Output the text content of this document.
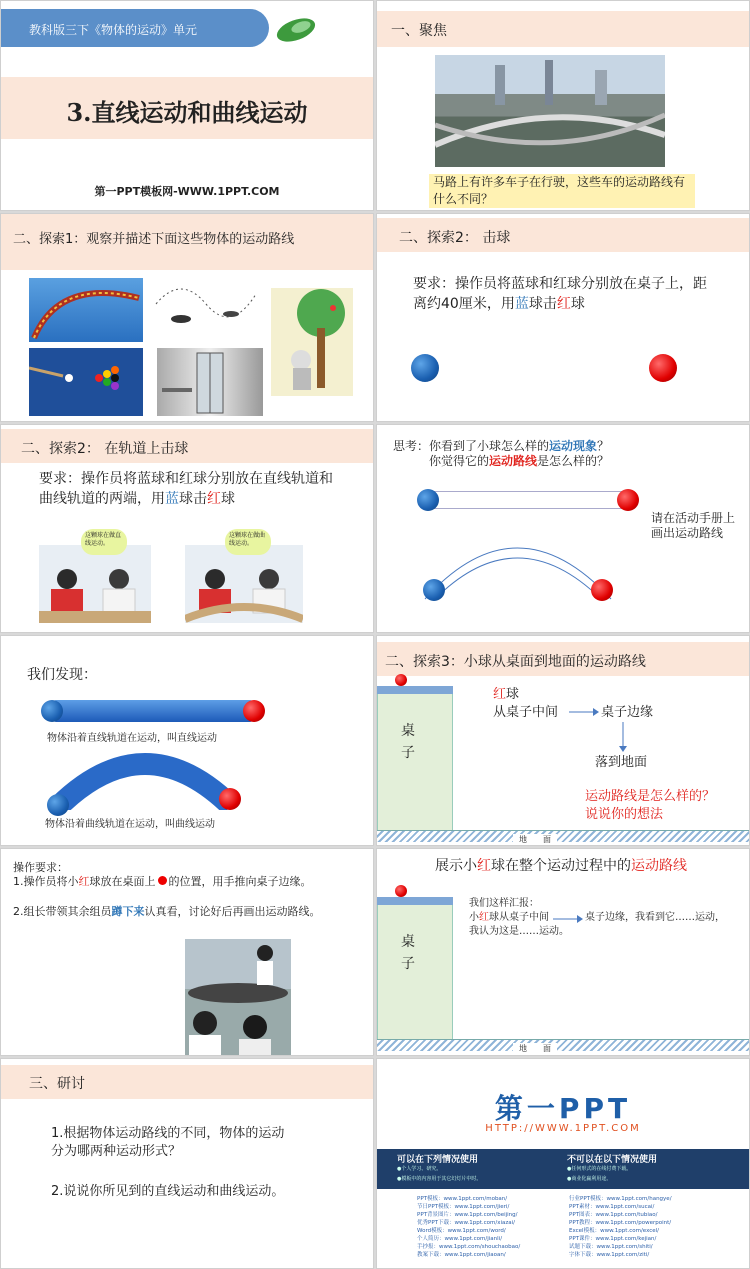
教科版三下《物体的运动》单元
3.直线运动和曲线运动
第一PPT模板网-WWW.1PPT.COM
一、聚焦
马路上有许多车子在行驶，这些车的运动路线有什么不同？
二、探索1：观察并描述下面这些物体的运动路线	二、探索2： 击球
要求：操作员将蓝球和红球分别放在桌子上，距离约40厘米，用蓝球击红球
二、探索2： 在轨道上击球
要求：操作员将蓝球和红球分别放在直线轨道和曲线轨道的两端，用蓝球击红球
这颗球在做直线运动。
这颗球在做曲线运动。
思考：你看到了小球怎么样的运动现象？
你觉得它的运动路线是怎么样的？
请在活动手册上画出运动路线
我们发现：
物体沿着直线轨道在运动，叫直线运动
物体沿着曲线轨道在运动，叫曲线运动
二、探索3：小球从桌面到地面的运动路线
桌子
地　　面
红球
从桌子中间	桌子边缘
落到地面
运动路线是怎么样的？
说说你的想法
操作要求：
1.操作员将小红球放在桌面上 的位置，用手推向桌子边缘。
2.组长带领其余组员蹲下来认真看，讨论好后再画出运动路线。
展示小红球在整个运动过程中的运动路线
桌子
地　　面
我们这样汇报：
小红球从桌子中间	桌子边缘，我看到它……运动，
我认为这是……运动。
三、研讨
1.根据物体运动路线的不同，物体的运动分为哪两种运动形式？
2.说说你所见到的直线运动和曲线运动。
第一PPT
HTTP://WWW.1PPT.COM
可以在下列情况使用
●个人学习、研究。
●模板中的内容用于其它幻灯片中时。
不可以在以下情况使用
●任何形式的在线付费下载。
●商业化赢利用途。
PPT模板：www.1ppt.com/moban/
节日PPT模板：www.1ppt.com/jieri/
PPT背景图片：www.1ppt.com/beijing/
优秀PPT下载：www.1ppt.com/xiazai/
Word模板：www.1ppt.com/word/
个人简历：www.1ppt.com/jianli/
手抄报：www.1ppt.com/shouchaobao/
教案下载：www.1ppt.com/jiaoan/
行业PPT模板：www.1ppt.com/hangye/
PPT素材：www.1ppt.com/sucai/
PPT图表：www.1ppt.com/tubiao/
PPT教程：www.1ppt.com/powerpoint/
Excel模板：www.1ppt.com/excel/
PPT课件：www.1ppt.com/kejian/
试题下载：www.1ppt.com/shiti/
字体下载：www.1ppt.com/ziti/
